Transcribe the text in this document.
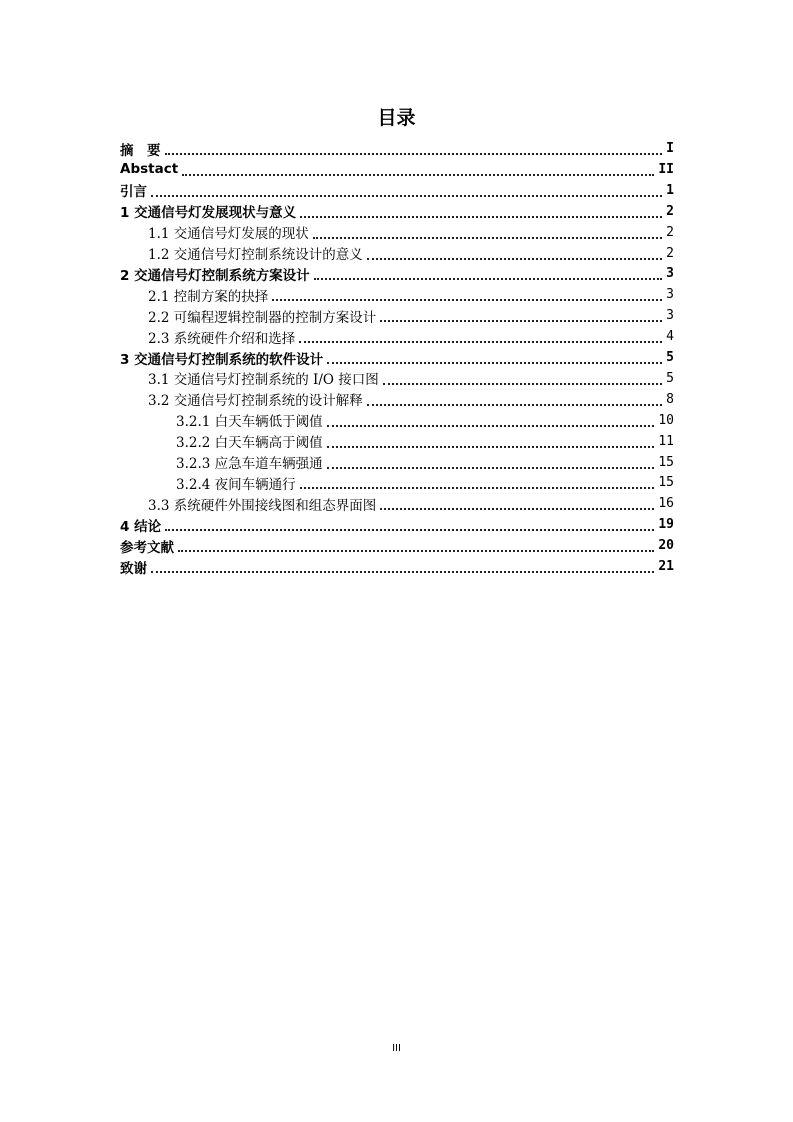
目录
摘　要	I
Abstact	II
引言	1
1 交通信号灯发展现状与意义	2
1.1 交通信号灯发展的现状	2
1.2 交通信号灯控制系统设计的意义	2
2 交通信号灯控制系统方案设计	3
2.1 控制方案的抉择	3
2.2 可编程逻辑控制器的控制方案设计	3
2.3 系统硬件介绍和选择	4
3 交通信号灯控制系统的软件设计	5
3.1 交通信号灯控制系统的 I/O 接口图	5
3.2 交通信号灯控制系统的设计解释	8
3.2.1 白天车辆低于阈值	10
3.2.2 白天车辆高于阈值	11
3.2.3 应急车道车辆强通	15
3.2.4 夜间车辆通行	15
3.3 系统硬件外围接线图和组态界面图	16
4 结论	19
参考文献	20
致谢	21
III
